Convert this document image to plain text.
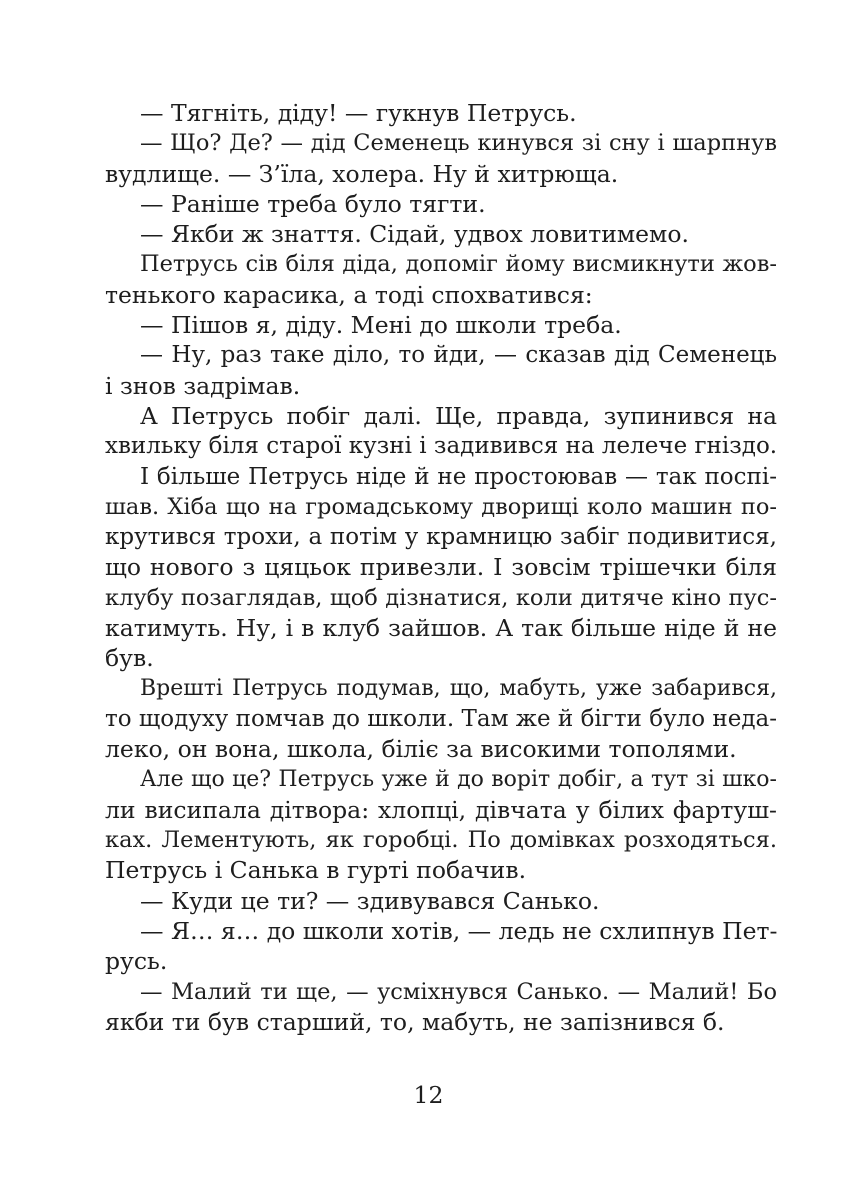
— Тягніть, діду! — гукнув Петрусь.
— Що? Де? — дід Семенець кинувся зі сну і шарпнув
вудлище. — З’їла, холера. Ну й хитрюща.
— Раніше треба було тягти.
— Якби ж знаття. Сідай, удвох ловитимемо.
Петрусь сів біля діда, допоміг йому висмикнути жов-
тенького карасика, а тоді спохватився:
— Пішов я, діду. Мені до школи треба.
— Ну, раз таке діло, то йди, — сказав дід Семенець
і знов задрімав.
А Петрусь побіг далі. Ще, правда, зупинився на
хвильку біля старої кузні і задивився на лелече гніздо.
І більше Петрусь ніде й не простоював — так поспі-
шав. Хіба що на громадському дворищі коло машин по-
крутився трохи, а потім у крамницю забіг подивитися,
що нового з цяцьок привезли. І зовсім трішечки біля
клубу позаглядав, щоб дізнатися, коли дитяче кіно пус-
катимуть. Ну, і в клуб зайшов. А так більше ніде й не
був.
Врешті Петрусь подумав, що, мабуть, уже забарився,
то щодуху помчав до школи. Там же й бігти було неда-
леко, он вона, школа, біліє за високими тополями.
Але що це? Петрусь уже й до воріт добіг, а тут зі шко-
ли висипала дітвора: хлопці, дівчата у білих фартуш-
ках. Лементують, як горобці. По домівках розходяться.
Петрусь і Санька в гурті побачив.
— Куди це ти? — здивувався Санько.
— Я… я… до школи хотів, — ледь не схлипнув Пет-
русь.
— Малий ти ще, — усміхнувся Санько. — Малий! Бо
якби ти був старший, то, мабуть, не запізнився б.
12
